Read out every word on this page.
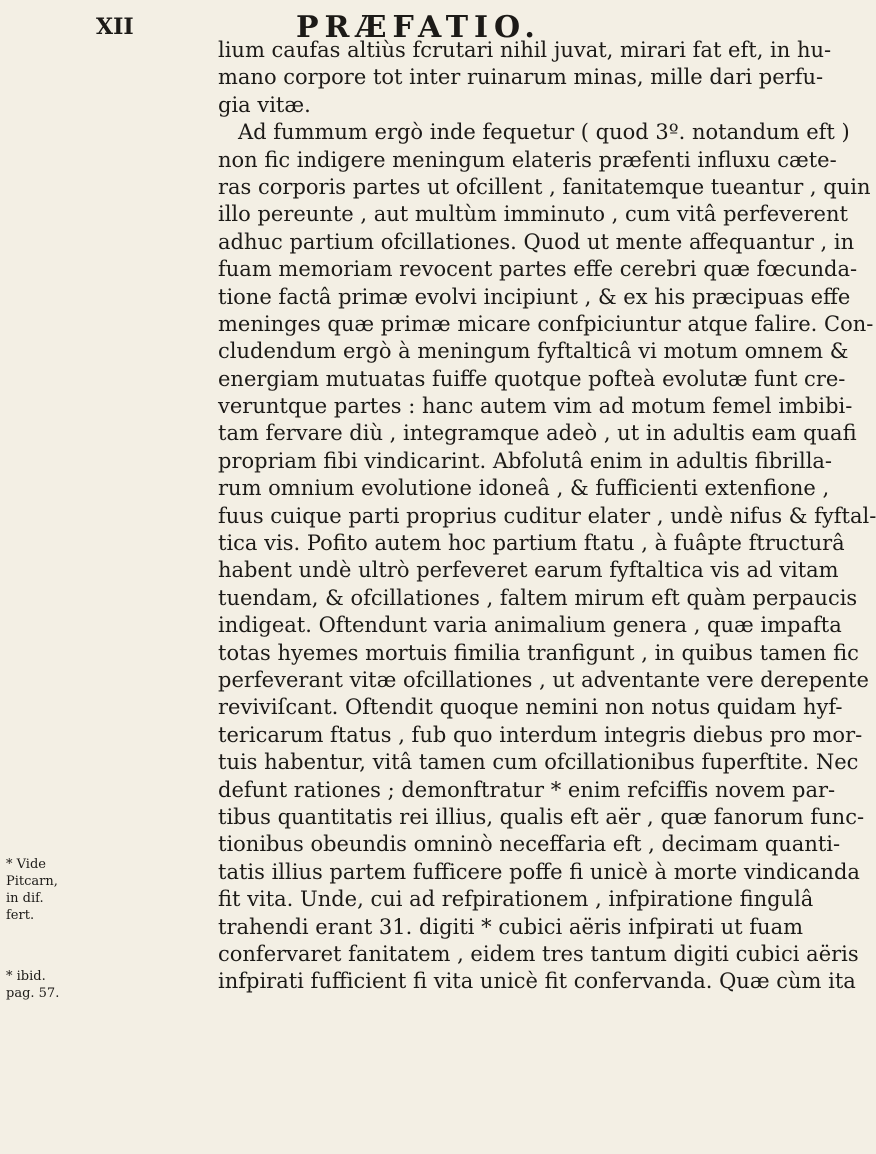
XII	PRÆFATIO.
lium caufas altiùs fcrutari nihil juvat, mirari fat eft, in hu-
mano corpore tot inter ruinarum minas, mille dari perfu-
gia vitæ.
Ad fummum ergò inde fequetur ( quod 3º. notandum eft )
non fic indigere meningum elateris præfenti influxu cæte-
ras corporis partes ut ofcillent , fanitatemque tueantur , quin
illo pereunte , aut multùm imminuto , cum vitâ perfeverent
adhuc partium ofcillationes. Quod ut mente affequantur , in
fuam memoriam revocent partes effe cerebri quæ fœcunda-
tione factâ primæ evolvi incipiunt , & ex his præcipuas effe
meninges quæ primæ micare confpiciuntur atque falire. Con-
cludendum ergò à meningum fyftalticâ vi motum omnem &
energiam mutuatas fuiffe quotque pofteà evolutæ funt cre-
veruntque partes : hanc autem vim ad motum femel imbibi-
tam fervare diù , integramque adeò , ut in adultis eam quafi
propriam fibi vindicarint. Abfolutâ enim in adultis fibrilla-
rum omnium evolutione idoneâ , & fufficienti extenfione ,
fuus cuique parti proprius cuditur elater , undè nifus & fyftal-
tica vis. Pofito autem hoc partium ftatu , à fuâpte ftructurâ
habent undè ultrò perfeveret earum fyftaltica vis ad vitam
tuendam, & ofcillationes , faltem mirum eft quàm perpaucis
indigeat. Oftendunt varia animalium genera , quæ impafta
totas hyemes mortuis fimilia tranfigunt , in quibus tamen fic
perfeverant vitæ ofcillationes , ut adventante vere derepente
reviviſcant. Oftendit quoque nemini non notus quidam hyf-
tericarum ftatus , fub quo interdum integris diebus pro mor-
tuis habentur, vitâ tamen cum ofcillationibus fuperftite. Nec
defunt rationes ; demonftratur * enim refciffis novem par-
tibus quantitatis rei illius, qualis eft aër , quæ fanorum func-
tionibus obeundis omninò neceffaria eft , decimam quanti-
tatis illius partem fufficere poffe fi unicè à morte vindicanda
fit vita. Unde, cui ad refpirationem , infpiratione fingulâ
trahendi erant 31. digiti * cubici aëris infpirati ut fuam
confervaret fanitatem , eidem tres tantum digiti cubici aëris
infpirati fufficient fi vita unicè fit confervanda. Quæ cùm ita
* Vide
Pitcarn,
in dif.
fert.
* ibid.
pag. 57.
